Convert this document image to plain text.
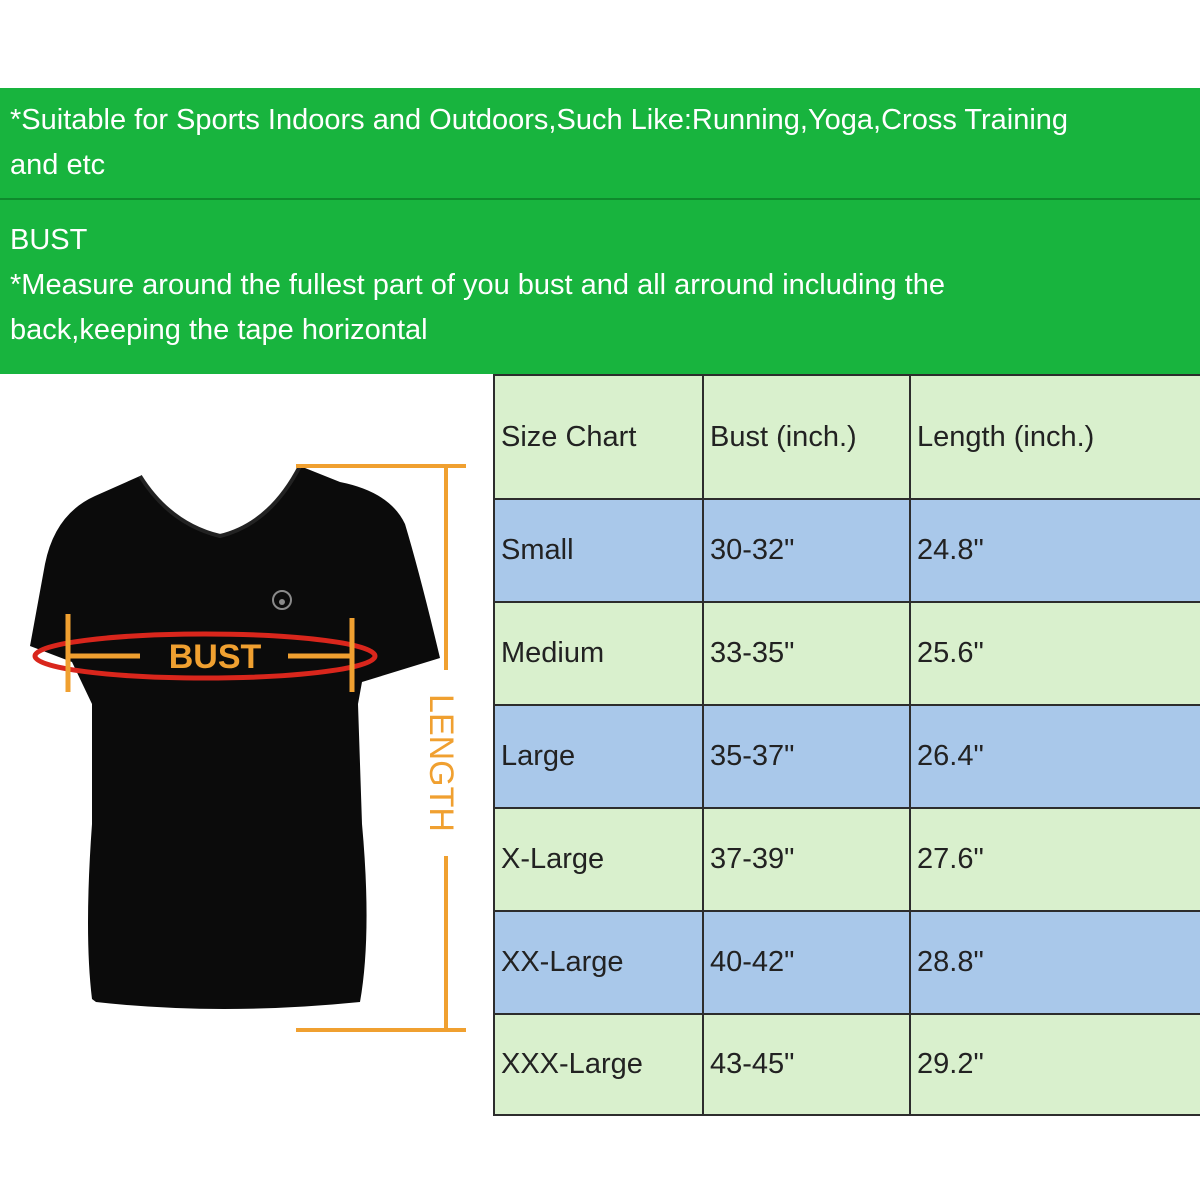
*Suitable for Sports Indoors and Outdoors,Such Like:Running,Yoga,Cross Training

and etc

BUST

*Measure around the fullest part of you bust and all arround including the

back,keeping the tape horizontal

BUST
LENGTH
Size Chart	Bust (inch.)	Length (inch.)
Small	30-32"	24.8"
Medium	33-35"	25.6"
Large	35-37"	26.4"
X-Large	37-39"	27.6"
XX-Large	40-42"	28.8"
XXX-Large	43-45"	29.2"
